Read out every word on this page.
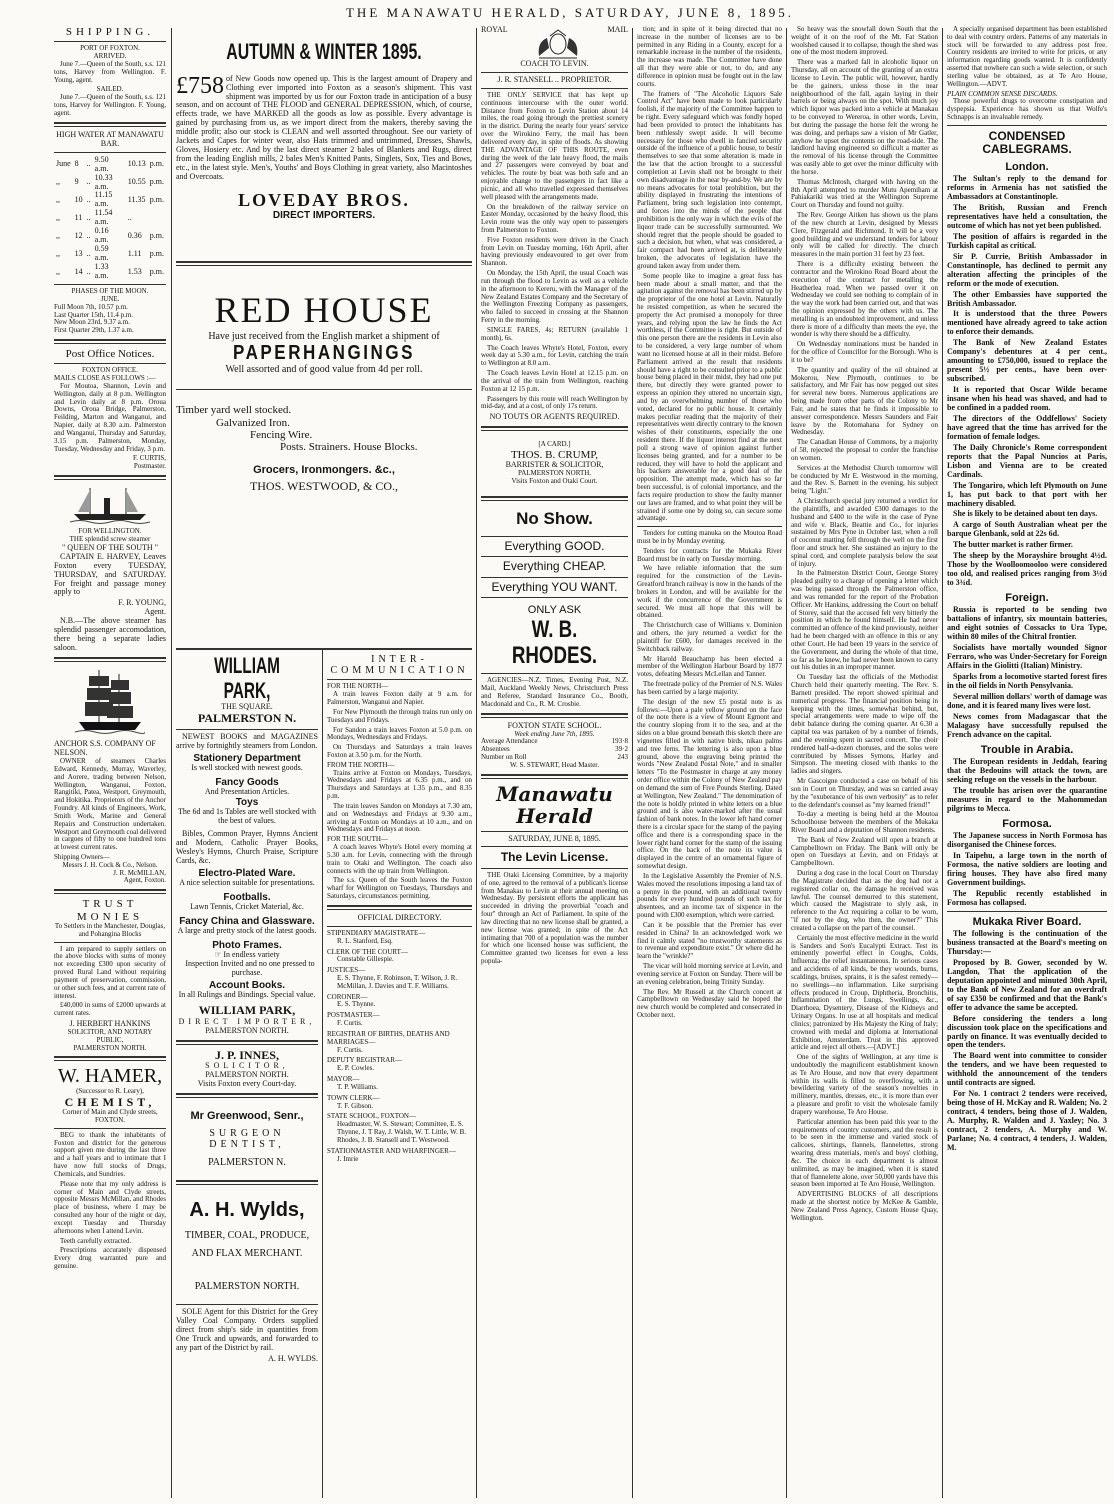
THE MANAWATU HERALD, SATURDAY, JUNE 8, 1895.
SHIPPING.
PORT OF FOXTON.
ARRIVED.

June 7.—Queen of the South, s.s. 121 tons, Harvey from Wellington. F. Young, agent.

SAILED.

June 7.—Queen of the South, s.s. 121 tons, Harvey for Wellington. F. Young, agent.

HIGH WATER AT MANAWATU BAR.
June	8	..	9.50 a.m.	10.13	p.m.
,,	9	..	10.33 a.m.	10.55	p.m.
,,	10	..	11.15 a.m.	11.35	p.m.
,,	11	..	11.54 a.m.	..	
,,	12	..	0.16 a.m.	0.36	p.m.
,,	13	..	0.59 a.m.	1.11	p.m.
,,	14	..	1.33 a.m.	1.53	p.m.
PHASES OF THE MOON.
JUNE.
Full Moon 7th, 10.57 p.m.
Last Quarter 15th, 11.4 p.m.
New Moon 23rd, 9.37 a.m.
First Quarter 29th, 1.37 a.m.
Post Office Notices.
FOXTON OFFICE.
MAILS CLOSE AS FOLLOWS :—

For Moutoa, Shannon, Levin and Wellington, daily at 8 p.m. Wellington and Levin daily at 8 p.m. Oroua Downs, Oroua Bridge, Palmerston, Feilding, Marton and Wanganui, and Napier, daily at 8.30 a.m. Palmerston and Wanganui, Thursday and Saturday, 3.15 p.m. Palmerston, Monday, Tuesday, Wednesday and Friday, 3 p.m.

F. CURTIS,
Postmaster.
FOR WELLINGTON.
THE splendid screw steamer
" QUEEN OF THE SOUTH "

CAPTAIN E. HARVEY, Leaves Foxton every TUESDAY, THURSDAY, and SATURDAY. For freight and passage money apply to

F. R. YOUNG,
Agent.

N.B.—The above steamer has splendid passenger accomodation, there being a separate ladies saloon.

ANCHOR S.S. COMPANY OF NELSON.

OWNER of steamers Charles Edward, Kennedy, Murray, Waverley, and Aorere, trading between Nelson, Wellington, Wanganui, Foxton, Rangitiki, Patea, Westport, Greymouth, and Hokitika. Proprietors of the Anchor Foundry. All kinds of Engineers, Work, Smith Work, Marine and General Repairs and Construction undertaken. Westport and Greymouth coal delivered in cargoes of fifty to one hundred tons at lowest current rates.

Shipping Owners—
Messrs J. H. Cock & Co., Nelson.
J. R. McMILLAN,
Agent, Foxton.
TRUST MONIES
To Settlers in the Manchester, Douglas, and Pohangina Blocks

I am prepared to supply settlers on the above blocks with sums of money not exceeding £300 upon security of proved Rural Land without requiring payment of preservation, commission, or other such fees, and at current rate of interest.

£40,000 in sums of £2000 upwards at current rates.

J. HERBERT HANKINS
SOLICITOR, AND NOTARY PUBLIC,
PALMERSTON NORTH.
W. HAMER,
(Successor to R. Leary),
CHEMIST,
Corner of Main and Clyde streets,
FOXTON.

BEG to thank the inhabitants of Foxton and district for the generous support given me during the last three and a half years and to intimate that I have now full stocks of Drugs, Chemicals, and Sundries.

Please note that my only address is corner of Main and Clyde streets, opposite Messrs McMillan, and Rhodes place of business, where I may be consulted any hour of the night or day, except Tuesday and Thursday afternoons when I attend Levin.

Teeth carefully extracted.

Prescriptions accurately dispensed Every drug warranted pure and genuine.

AUTUMN & WINTER 1895.
£758 of New Goods now opened up. This is the largest amount of Drapery and Clothing ever imported into Foxton as a season's shipment. This vast shipment was imported by us for our Foxton trade in anticipation of a busy season, and on account of THE FLOOD and GENERAL DEPRESSION, which, of course, effects trade, we have MARKED all the goods as low as possible. Every advantage is gained by purchasing from us, as we import direct from the makers, thereby saving the middle profit; also our stock is CLEAN and well assorted throughout. See our variety of Jackets and Capes for winter wear, also Hats trimmed and untrimmed, Dresses, Shawls, Gloves, Hosiery etc. And by the last direct steamer 2 bales of Blankets and Rugs, direct from the leading English mills, 2 bales Men's Knitted Pants, Singlets, Sox, Ties and Bows, etc., in the latest style. Men's, Youths' and Boys Clothing in great variety, also Macintoshes and Overcoats.
LOVEDAY BROS.
DIRECT IMPORTERS.
RED HOUSE
Have just received from the English market a shipment of
PAPERHANGINGS
Well assorted and of good value from 4d per roll.
Timber yard well stocked.
Galvanized Iron.
Fencing Wire.
Posts. Strainers. House Blocks.
Grocers, Ironmongers. &c.,
THOS. WESTWOOD, & CO.,
WILLIAM PARK,
THE SQUARE.
PALMERSTON N.

NEWEST BOOKS and MAGAZINES arrive by fortnightly steamers from London.

Stationery Department
Is well stocked with newest goods.
Fancy Goods
And Presentation Articles.
Toys
The 6d and 1s Tables are well stocked with the best of values.

Bibles, Common Prayer, Hymns Ancient and Modern, Catholic Prayer Books, Wesley's Hymns, Church Praise, Scripture Cards, &c.

Electro-Plated Ware.
A nice selection suitable for presentations.
Footballs.
Lawn Tennis, Cricket Material, &c.
Fancy China and Glassware.
A large and pretty stock of the latest goods.
Photo Frames.
☞ In endless variety

Inspection Invited and no one pressed to purchase.

Account Books.
In all Rulings and Bindings. Special value.
WILLIAM PARK,
DIRECT IMPORTER,
PALMERSTON NORTH.
J. P. INNES,
SOLICITOR,
PALMERSTON NORTH.
Visits Foxton every Court-day.
Mr Greenwood, Senr.,
SURGEON DENTIST,
PALMERSTON N.
A. H. Wylds,
TIMBER, COAL, PRODUCE, AND FLAX MERCHANT.
PALMERSTON NORTH.

SOLE Agent for this District for the Grey Valley Coal Company. Orders supplied direct from ship's side in quantities from One Truck and upwards, and forwarded to any part of the District by rail.

A. H. WYLDS.
INTER-COMMUNICATION
FOR THE NORTH—

A train leaves Foxton daily at 9 a.m. for Palmerston, Wanganui and Napier.

For New Plymouth the through trains run only on Tuesdays and Fridays.

For Sandon a train leaves Foxton at 5.0 p.m. on Mondays, Wednesdays and Fridays.

On Thursdays and Saturdays a train leaves Foxton at 3.50 p.m. for the North.

FROM THE NORTH—

Trains arrive at Foxton on Mondays, Tuesdays, Wednesdays and Fridays at 6.35 p.m., and on Thursdays and Saturdays at 1.35 p.m., and 8.35 p.m.

The train leaves Sandon on Mondays at 7.30 am, and on Wednesdays and Fridays at 9.30 a.m., arriving at Foxton on Mondays at 10 a.m., and on Wednesdays and Fridays at noon.

FOR THE SOUTH—

A coach leaves Whyte's Hotel every morning at 5.30 a.m. for Levin, connecting with the through train to Otaki and Wellington. The coach also connects with the up train from Wellington.

The s.s. Queen of the South leaves the Foxton wharf for Wellington on Tuesdays, Thursdays and Saturdays, circumstances permitting.

OFFICIAL DIRECTORY.
STIPENDIARY MAGISTRATE—
R. L. Stanford, Esq.
CLERK OF THE COURT—
Constable Gillespie.
JUSTICES—
E. S. Thynne, F. Robinson, T. Wilson, J. R. McMillan, J. Davies and T. F. Williams.
CORONER—
E. S. Thynne.
POSTMASTER—
F. Curtis.
REGISTRAR OF BIRTHS, DEATHS AND MARRIAGES—
F. Curtis.
DEPUTY REGISTRAR—
E. P. Cowles.
MAYOR—
T. P. Williams.
TOWN CLERK—
T. F. Gibson.
STATE SCHOOL, FOXTON—
Headmaster, W. S. Stewart; Committee, E. S. Thynne, J. T Ray, J. Walsh, W. T. Little, W. B. Rhodes, J. B. Stansell and T. Westwood.
STATIONMASTER AND WHARFINGER—
J. Imrie
ROYAL	MAIL
COACH TO LEVIN.
J. R. STANSELL .. PROPRIETOR.

THE ONLY SERVICE that has kept up continuous intercourse with the outer world. Distance from Foxton to Levin Station about 14 miles, the road going through the prettiest scenery in the district. During the nearly four years' service over the Wirokino Ferry, the mail has been delivered every day, in spite of floods. As showing THE ADVANTAGE OF THIS ROUTE, even during the week of the late heavy flood, the mails and 27 passengers were conveyed by boat and vehicles. The route by boat was both safe and an enjoyable change to the passengers in fact like a picnic, and all who travelled expressed themselves well pleased with the arrangements made.

On the breakdown of the railway service on Easter Monday, occasioned by the heavy flood, this Levin route was the only way open to passengers from Palmerston to Foxton.

Five Foxton residents were driven in the Coach from Levin on Tuesday morning, 16th April, after having previously endeavoured to get over from Shannon.

On Monday, the 15th April, the usual Coach was run through the flood to Levin as well as a vehicle in the afternoon to Kereru, with the Manager of the New Zealand Estates Company and the Secretary of the Wellington Freezing Company as passengers, who failed to succeed in crossing at the Shannon Ferry in the morning.

SINGLE FARES, 4s; RETURN (available 1 month), 6s.

The Coach leaves Whyte's Hotel, Foxton, every week day at 5.30 a.m., for Levin, catching the train to Wellington at 8.0 a.m.

The Coach leaves Levin Hotel at 12.15 p.m. on the arrival of the train from Wellington, reaching Foxton at 12 15 p.m.

Passengers by this route will reach Wellington by mid-day, and at a cost, of only 17s return.

NO TOUTS OR AGENTS REQUIRED.
[A CARD.]
THOS. B. CRUMP,
BARRISTER & SOLICITOR,
PALMERSTON NORTH.
Visits Foxton and Otaki Court.
No Show.
Everything GOOD.
Everything CHEAP.
Everything YOU WANT.
ONLY ASK
W. B. RHODES.

AGENCIES—N.Z. Times, Evening Post, N.Z. Mail, Auckland Weekly News, Christchurch Press and Referee, Standard Insurance Co., Booth, Macdonald and Co., R. M. Crosbie.

FOXTON STATE SCHOOL.
Week ending June 7th, 1895.
Average Attendance	193·8
Absentees	39·2
Number on Roll	243
W. S. STEWART, Head Master.
Manawatu Herald
SATURDAY, JUNE 8, 1895.
The Levin License.

THE Otaki Licensing Committee, by a majority of one, agreed to the removal of a publican's license from Manakau to Levin at their annual meeting on Wednesday. By persistent efforts the applicant has succeeded in driving the proverbial "coach and four" through an Act of Parliament. In spite of the law directing that no new license shall be granted, a new license was granted; in spite of the Act intimating that 700 of a population was the number for which one licensed house was sufficient, the Committee granted two licenses for even a less popula-

tion; and in spite of it being directed that no increase in the number of licenses are to be permitted in any Riding in a County, except for a remarkable increase in the number of the residents, the increase was made. The Committee have done all that they were able or not, to do, and any difference in opinion must be fought out in the law courts.

The framers of "The Alcoholic Liquors Sale Control Act" have been made to look particularly foolish, if the majority of the Committee happen to be right. Every safeguard which was fondly hoped had been provided to protect the inhabitants has been ruthlessly swept aside. It will become necessary for those who dwell in fancied security outside of the influence of a public house, to bestir themselves to see that some alteration is made in the law that the action brought to a successful completion at Levin shall not be brought to their own disadvantage in the near by-and-by. We are by no means advocates for total prohibition, but the ability displayed in frustrating the intentions of Parliament, bring such legislation into contempt, and forces into the minds of the people that prohibition is the only way in which the evils of the liquor trade can be successfully surmounted. We should regret that the people should be goaded to such a decision, but when, what was considered, a fair compact had been arrived at, is deliberately broken, the advocates of legislation have the ground taken away from under them.

Some people like to imagine a great fuss has been made about a small matter, and that the agitation against the removal has been stirred up by the proprietor of the one hotel at Levin. Naturally he resisted competition, as when he secured the property the Act promised a monopoly for three years, and relying upon the law he finds the Act worthless, if the Committee is right. But outside of this one person there are the residents in Levin also to be considered, a very large number of whom want no licensed house at all in their midst. Before Parliament arrived at the result that residents should have a right to be consulted prior to a public house being placed in their midst, they had one put there, but directly they were granted power to express an opinion they uttered no uncertain sign, and by an overwhelming number of those who voted, declared for no public house. It certainly makes peculiar reading that the majority of their representatives went directly contrary to the known wishes of their constituents, especially the one resident there. If the liquor interest find at the next poll a strong wave of opinion against further licenses being granted, and for a number to be reduced, they will have to hold the applicant and his backers answerable for a good deal of the opposition. The attempt made, which has so far been successful, is of colonial importance, and the facts require production to show the faulty manner our laws are framed, and to what point they will be strained if some one by doing so, can secure some advantage.

Tenders for cutting manuka on the Moutoa Road must be in by Monday evening.

Tenders for contracts for the Mukaka River Board must be in early on Tuesday morning.

We have reliable information that the sum required for the construction of the Levin-Greatford branch railway is now in the hands of the brokers in London, and will be available for the work if the concurrence of the Government is secured. We must all hope that this will be obtained.

The Christchurch case of Williams v. Dominion and others, the jury returned a verdict for the plaintiff for £600, for damages received in the Switchback railway.

Mr Harold Beauchamp has been elected a member of the Wellington Harbour Board by 1877 votes, defeating Messrs McLellan and Tanner.

The freetrade policy of the Premier of N.S. Wales has been carried by a large majority.

The design of the new £5 postal note is as follows:—Upon a pale yellow ground on the face of the note there is a view of Mount Egmont and the country sloping from it to the sea, and at the sides on a blue ground beneath this sketch there are vignettes filled in with native birds, nikau palms and tree ferns. The lettering is also upon a blue ground, above the engraving being printed the words "New Zealand Postal Note," and in smaller letters "To the Postmaster in charge at any money order office within the Colony of New Zealand pay on demand the sum of Five Pounds Sterling. Dated at Wellington, New Zealand." The denomination of the note is boldly printed in white letters on a blue ground and is also water-marked after the usual fashion of bank notes. In the lower left hand corner there is a circular space for the stamp of the paying office and there is a corresponding space in the lower right hand corner for the stamp of the issuing office. On the back of the note its value is displayed in the centre of an ornamental figure of somewhat design.

In the Legislative Assembly the Premier of N.S. Wales moved the resolutions imposing a land tax of a penny in the pound, with an additional twenty pounds for every hundred pounds of such tax for absentees, and an income tax of sixpence in the pound with £300 exemption, which were carried.

Can it be possible that the Premier has ever resided in China? In an acknowledged work we find it calmly stated "no trustworthy statements as to revenue and expenditure exist." Or where did he learn the "wrinkle?"

The vicar will hold morning service at Levin, and evening service at Foxton on Sunday. There will be an evening celebration, being Trinity Sunday.

The Rev. Mr Russell at the Church concert at Campbelltown on Wednesday said he hoped the new church would be completed and consecrated in October next.

So heavy was the snowfall down South that the weight of it on the roof of the Mt. Fat Station woolshed caused it to collapse, though the shed was one of the most modern improved.

There was a marked fall in alcoholic liquor on Thursday, all on account of the granting of an extra license to Levin. The public will, however, hardly be the gainers, unless those in the near neighbourhood of the fall, again laying in their barrels or being always on the spot. With much joy which liquor was packed into a vehicle at Manakau to be conveyed to Wereroa, in other words, Levin, but during the passage the horse felt the wrong he was doing, and perhaps saw a vision of Mr Gatler, anyhow he upset the contents on the road-side. The landlord having engineered so difficult a matter as the removal of his license through the Committee was easily able to get over the minor difficulty with the horse.

Thomas McIntosh, charged with having on the 8th April attempted to murder Mutu Apemiham at Pahiakariki was tried at the Wellington Supreme Court on Thursday and found not guilty.

The Rev. George Aitken has shown us the plans of the new church at Levin, designed by Messrs Clere, Fitzgerald and Richmond. It will be a very good building and we understand tenders for labour only will be called for directly. The church measures in the main portion 31 feet by 23 feet.

There is a difficulty existing between the contractor and the Wirokino Road Board about the execution of the contract for metalling the Heatherlea road. When we passed over it on Wednesday we could see nothing to complain of in the way the work had been carried out, and that was the opinion expressed by the others with us. The metalling is an undoubted improvement, and unless there is more of a difficulty than meets the eye, the wonder is why there should be a difficulty.

On Wednesday nominations must be handed in for the office of Councillor for the Borough. Who is it to be?

The quantity and quality of the oil obtained at Mokorou, New Plymouth, continues to be satisfactory, and Mr Fair has now pegged out sites for several new bores. Numerous applications are being made from other parts of the Colony to Mr Fair, and he states that he finds it impossible to answer correspondence. Messrs Saunders and Fair leave by the Rotomahana for Sydney on Wednesday.

The Canadian House of Commons, by a majority of 58, rejected the proposal to confer the franchise on women.

Services at the Methodist Church tomorrow will be conducted by Mr E. Westwood in the morning, and the Rev. S. Barnett in the evening, his subject being "Light."

A Christchurch special jury returned a verdict for the plaintiffs, and awarded £300 damages to the husband and £400 to the wife in the case of Pyne and wife v. Black, Beattie and Co., for injuries sustained by Mrs Pyne in October last, when a roll of coconut matting fell through the well on the first floor and struck her. She sustained an injury to the spinal cord, and complete paralysis below the seat of injury.

In the Palmerston District Court, George Storey pleaded guilty to a charge of opening a letter which was being passed through the Palmerston office, and was remanded for the report of the Probation Officer. Mr Hankins, addressing the Court on behalf of Storey, said that the accused felt very bitterly the position in which he found himself. He had never committed an offence of the kind previously, neither had he been charged with an offence in this or any other Court. He had been 19 years in the service of the Government, and during the whole of that time, so far as he knew, he had never been known to carry out his duties in an improper manner.

On Tuesday last the officials of the Methodist Church held their quarterly meeting. The Rev. S. Barnett presided. The report showed spiritual and numerical progress. The financial position being in keeping with the times, somewhat behind, but, special arrangements were made to wipe off the debit balance during the coming quarter. At 6.30 a capital tea was partaken of by a number of friends, and the evening spent in sacred concert. The choir rendered half-a-dozen choruses, and the solos were contributed by Misses Symons, Harley and Simpson. The meeting closed with thanks to the ladies and singers.

Mr Gascoigne conducted a case on behalf of his son in Court on Thursday, and was so carried away by the "exuberance of his own verbosity" as to refer to the defendant's counsel as "my learned friend!"

To-day a meeting is being held at the Moutoa Schoolhouse between the members of the Mukaka River Board and a deputation of Shannon residents.

The Bank of New Zealand will open a branch at Campbelltown on Friday. The Bank will only be open on Tuesdays at Levin, and on Fridays at Campbelltown.

During a dog case in the local Court on Thursday the Magistrate decided that as the dog had not a registered collar on, the damage he received was lawful. The counsel demurred to this statement, which caused the Magistrate to slyly ask, in reference to the Act requiring a collar to be worn, "if not by the dog, who then, the owner?" This created a collapse on the part of the counsel.

Certainly the most effective medicine in the world is Sanders and Son's Eucalypti Extract. Test its eminently powerful effect in Coughs, Colds, Influenza; the relief instantaneous. In serious cases and accidents of all kinds, be they wounds, burns, scaldings, bruises, sprains, it is the safest remedy—no swellings—no inflammation. Like surprising effects produced in Croup, Diphtheria, Bronchitis, Inflammation of the Lungs, Swellings, &c., Diarrhoea, Dysentery, Disease of the Kidneys and Urinary Organs. In use at all hospitals and medical clinics; patronized by His Majesty the King of Italy; crowned with medal and diploma at International Exhibition, Amsterdam. Trust in this approved article and reject all others.—[ADVT.]

One of the sights of Wellington, at any time is undoubtedly the magnificent establishment known as Te Aro House, and now that every department within its walls is filled to overflowing, with a bewildering variety of the season's novelties in millinery, mantles, dresses, etc., it is more than ever a pleasure and profit to visit the wholesale family drapery warehouse, Te Aro House.

Particular attention has been paid this year to the requirements of country customers, and the result is to be seen in the immense and varied stock of calicoes, shirtings, flannels, flannelettes, strong wearing dress materials, men's and boys' clothing, &c. The choice in each department is almost unlimited, as may be imagined, when it is stated that of flannelette alone, over 50,000 yards have this season been imported at Te Aro House, Wellington.

ADVERTISING BLOCKS of all descriptions made at the shortest notice by McKee & Gamble, New Zealand Press Agency, Custom House Quay, Wellington.

A specially organised department has been established to deal with country orders. Patterns of any materials in stock will be forwarded to any address post free. Country residents are invited to write for prices, or any information regarding goods wanted. It is confidently asserted that nowhere can such a wide selection, or such sterling value be obtained, as at Te Aro House, Wellington.—ADVT.

PLAIN COMMON SENSE DISCARDS.

Those powerful drugs to overcome constipation and dyspepsia. Experience has shown us that Wolfe's Schnapps is an invaluable remedy.

CONDENSED CABLEGRAMS.
London.

The Sultan's reply to the demand for reforms in Armenia has not satisfied the Ambassadors at Constantinople.

The British, Russian and French representatives have held a consultation, the outcome of which has not yet been published.

The position of affairs is regarded in the Turkish capital as critical.

Sir P. Currie, British Ambassador in Constantinople, has declined to permit any alteration affecting the principles of the reform or the mode of execution.

The other Embassies have supported the British Ambassador.

It is understood that the three Powers mentioned have already agreed to take action to enforce their demands.

The Bank of New Zealand Estates Company's debentures at 4 per cent., amounting to £750,000, issued to replace the present 5½ per cents., have been over-subscribed.

It is reported that Oscar Wilde became insane when his head was shaved, and had to be confined in a padded room.

The directors of the Oddfellows' Society have agreed that the time has arrived for the formation of female lodges.

The Daily Chronicle's Rome correspondent reports that the Papal Nuncios at Paris, Lisbon and Vienna are to be created Cardinals.

The Tongariro, which left Plymouth on June 1, has put back to that port with her machinery disabled.

She is likely to be detained about ten days.

A cargo of South Australian wheat per the barque Glenbank, sold at 22s 6d.

The butter market is rather firmer.

The sheep by the Morayshire brought 4½d. Those by the Woolloomooloo were considered too old, and realised prices ranging from 3½d to 3¾d.

Foreign.

Russia is reported to be sending two battalions of infantry, six mountain batteries, and eight sotnies of Cossacks to Ura Type, within 80 miles of the Chitral frontier.

Socialists have mortally wounded Signor Ferraro, who was Under-Secretary for Foreign Affairs in the Giolitti (Italian) Ministry.

Sparks from a locomotive started forest fires in the oil fields in North Pensylvania.

Several million dollars' worth of damage was done, and it is feared many lives were lost.

News comes from Madagascar that the Malagasy have successfully repulsed the French advance on the capital.

Trouble in Arabia.

The European residents in Jeddah, fearing that the Bedouins will attack the town, are seeking refuge on the vessels in the harbour.

The trouble has arisen over the quarantine measures in regard to the Mahommedan pilgrims to Mecca.

Formosa.

The Japanese success in North Formosa has disorganised the Chinese forces.

In Taipehu, a large town in the north of Formosa, the native soldiers are looting and firing houses. They have also fired many Government buildings.

The Republic recently established in Formosa has collapsed.

Mukaka River Board.

The following is the continuation of the business transacted at the Board's meeting on Thursday:—

Proposed by B. Gower, seconded by W. Langdon, That the application of the deputation appointed and minuted 30th April, to the Bank of New Zealand for an overdraft of say £350 be confirmed and that the Bank's offer to advance the same be accepted.

Before considering the tenders a long discussion took place on the specifications and partly on finance. It was eventually decided to open the tenders.

The Board went into committee to consider the tenders, and we have been requested to withhold the announcement of the tenders until contracts are signed.

For No. 1 contract 2 tenders were received, being those of H. McKay and R. Walden; No. 2 contract, 4 tenders, being those of J. Walden, A. Murphy, R. Walden and J. Yaxley; No. 3 contract, 2 tenders, A. Murphy and W. Parlane; No. 4 contract, 4 tenders, J. Walden, M.
